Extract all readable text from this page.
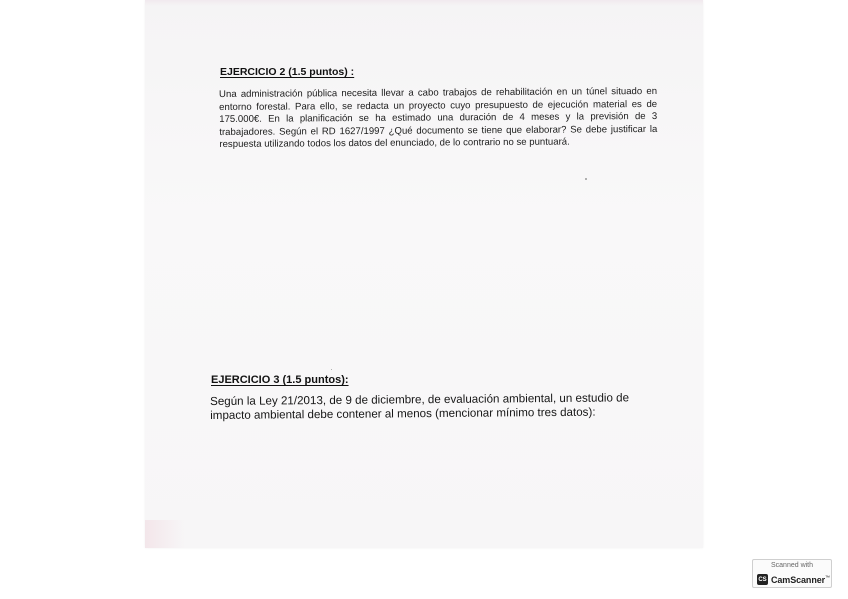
EJERCICIO 2 (1.5 puntos) :

Una administración pública necesita llevar a cabo trabajos de rehabilitación en un túnel situado en entorno forestal. Para ello, se redacta un proyecto cuyo presupuesto de ejecución material es de 175.000€. En la planificación se ha estimado una duración de 4 meses y la previsión de 3 trabajadores. Según el RD 1627/1997 ¿Qué documento se tiene que elaborar? Se debe justificar la respuesta utilizando todos los datos del enunciado, de lo contrario no se puntuará.

EJERCICIO 3 (1.5 puntos):

Según la Ley 21/2013, de 9 de diciembre, de evaluación ambiental, un estudio de impacto ambiental debe contener al menos (mencionar mínimo tres datos):

Scanned with
CS CamScanner™
